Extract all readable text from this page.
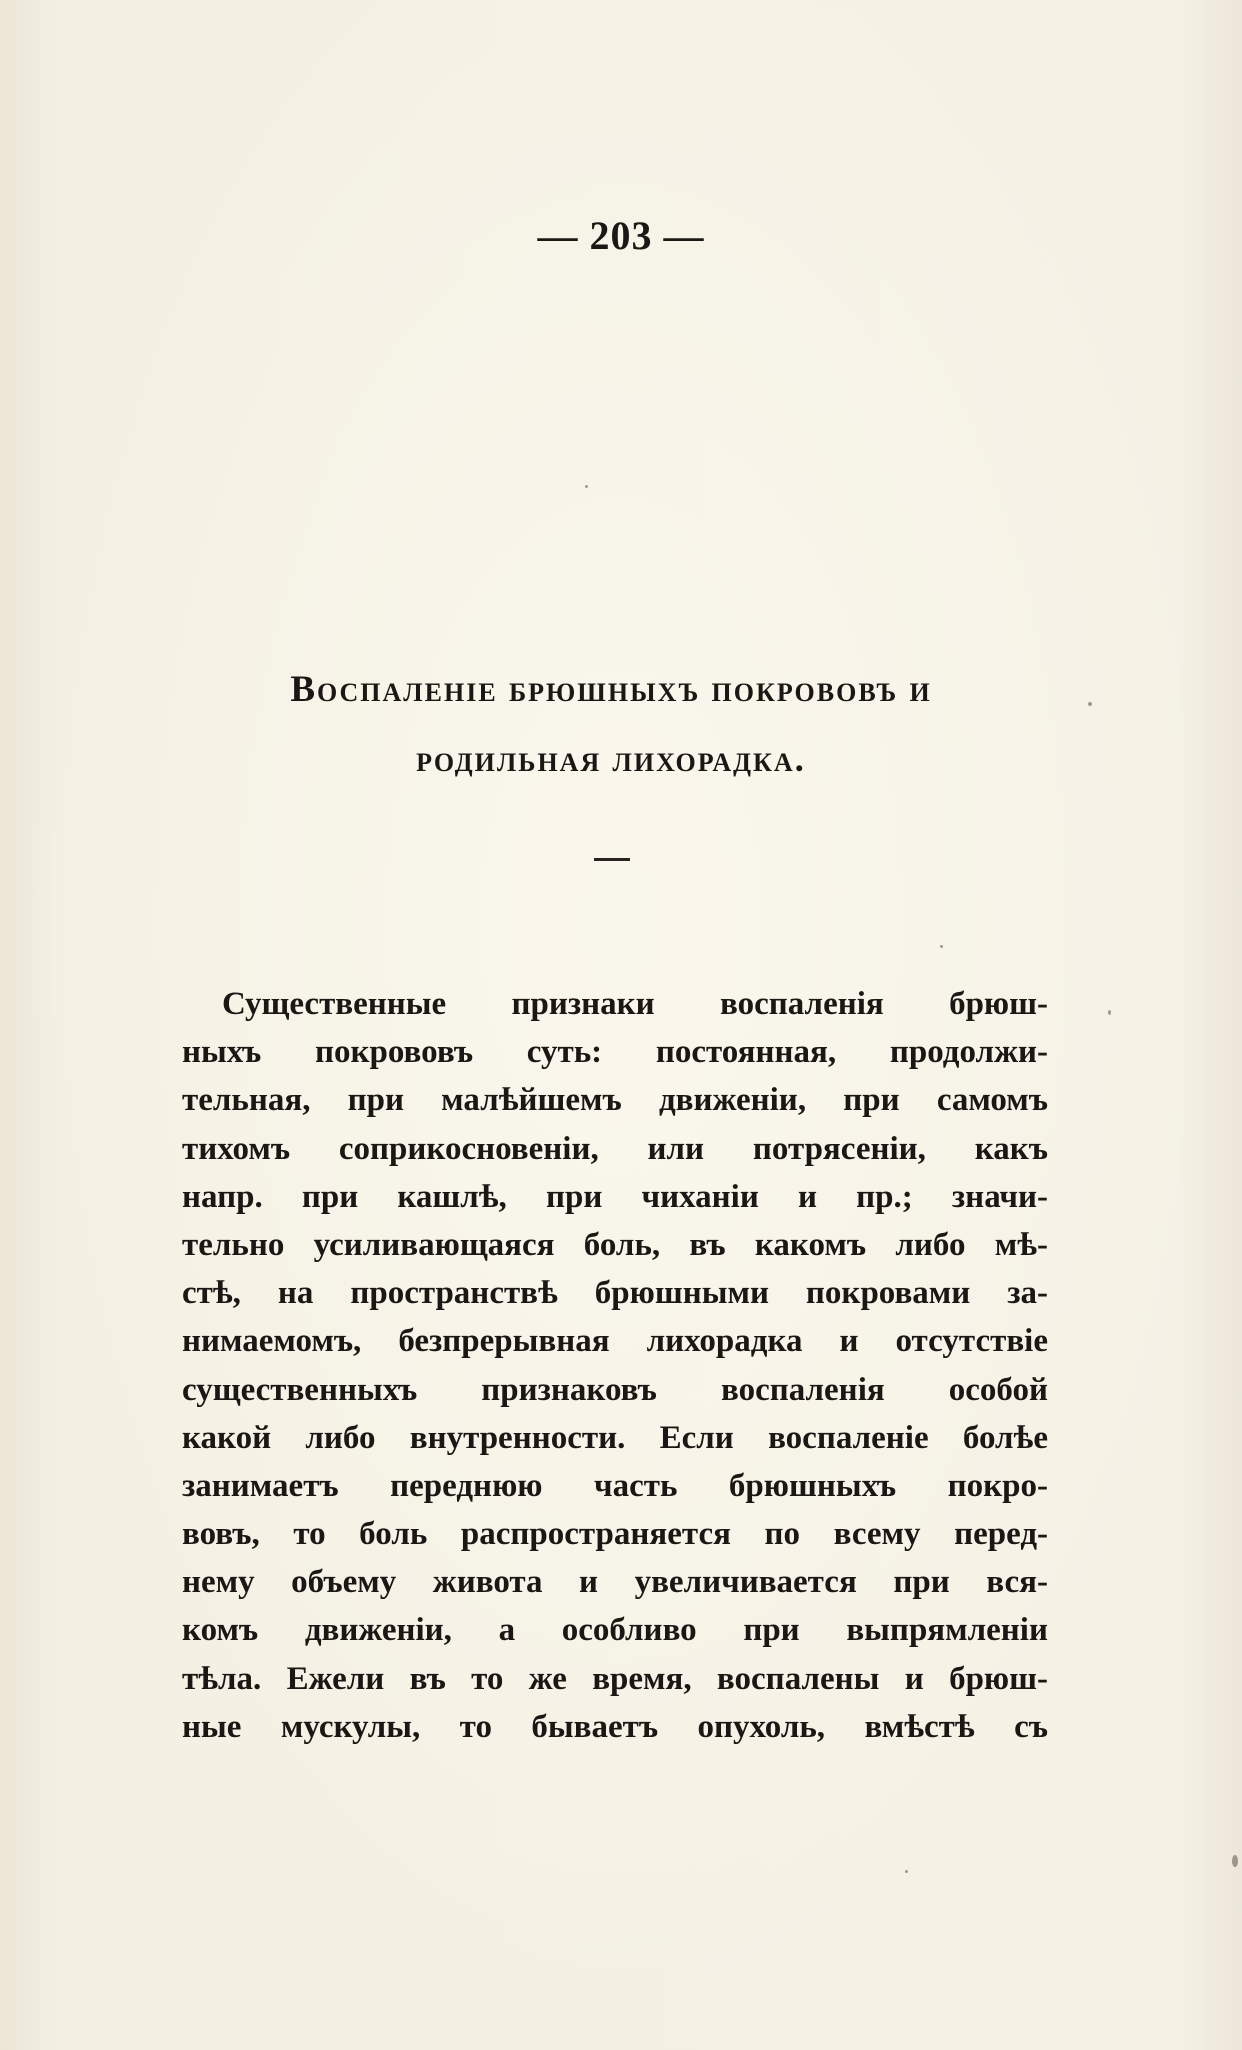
— 203 —
Воспаленіе брюшныхъ покрововъ и
родильная лихорадка.
Существенные признаки воспаленія брюш-
ныхъ покрововъ суть: постоянная, продолжи-
тельная, при малѣйшемъ движеніи, при самомъ
тихомъ соприкосновеніи, или потрясеніи, какъ
напр. при кашлѣ, при чиханіи и пр.; значи-
тельно усиливающаяся боль, въ какомъ либо мѣ-
стѣ, на пространствѣ брюшными покровами за-
нимаемомъ, безпрерывная лихорадка и отсутствіе
существенныхъ признаковъ воспаленія особой
какой либо внутренности. Если воспаленіе болѣе
занимаетъ переднюю часть брюшныхъ покро-
вовъ, то боль распространяется по всему перед-
нему объему живота и увеличивается при вся-
комъ движеніи, а особливо при выпрямленіи
тѣла. Ежели въ то же время, воспалены и брюш-
ные мускулы, то бываетъ опухоль, вмѣстѣ съ
